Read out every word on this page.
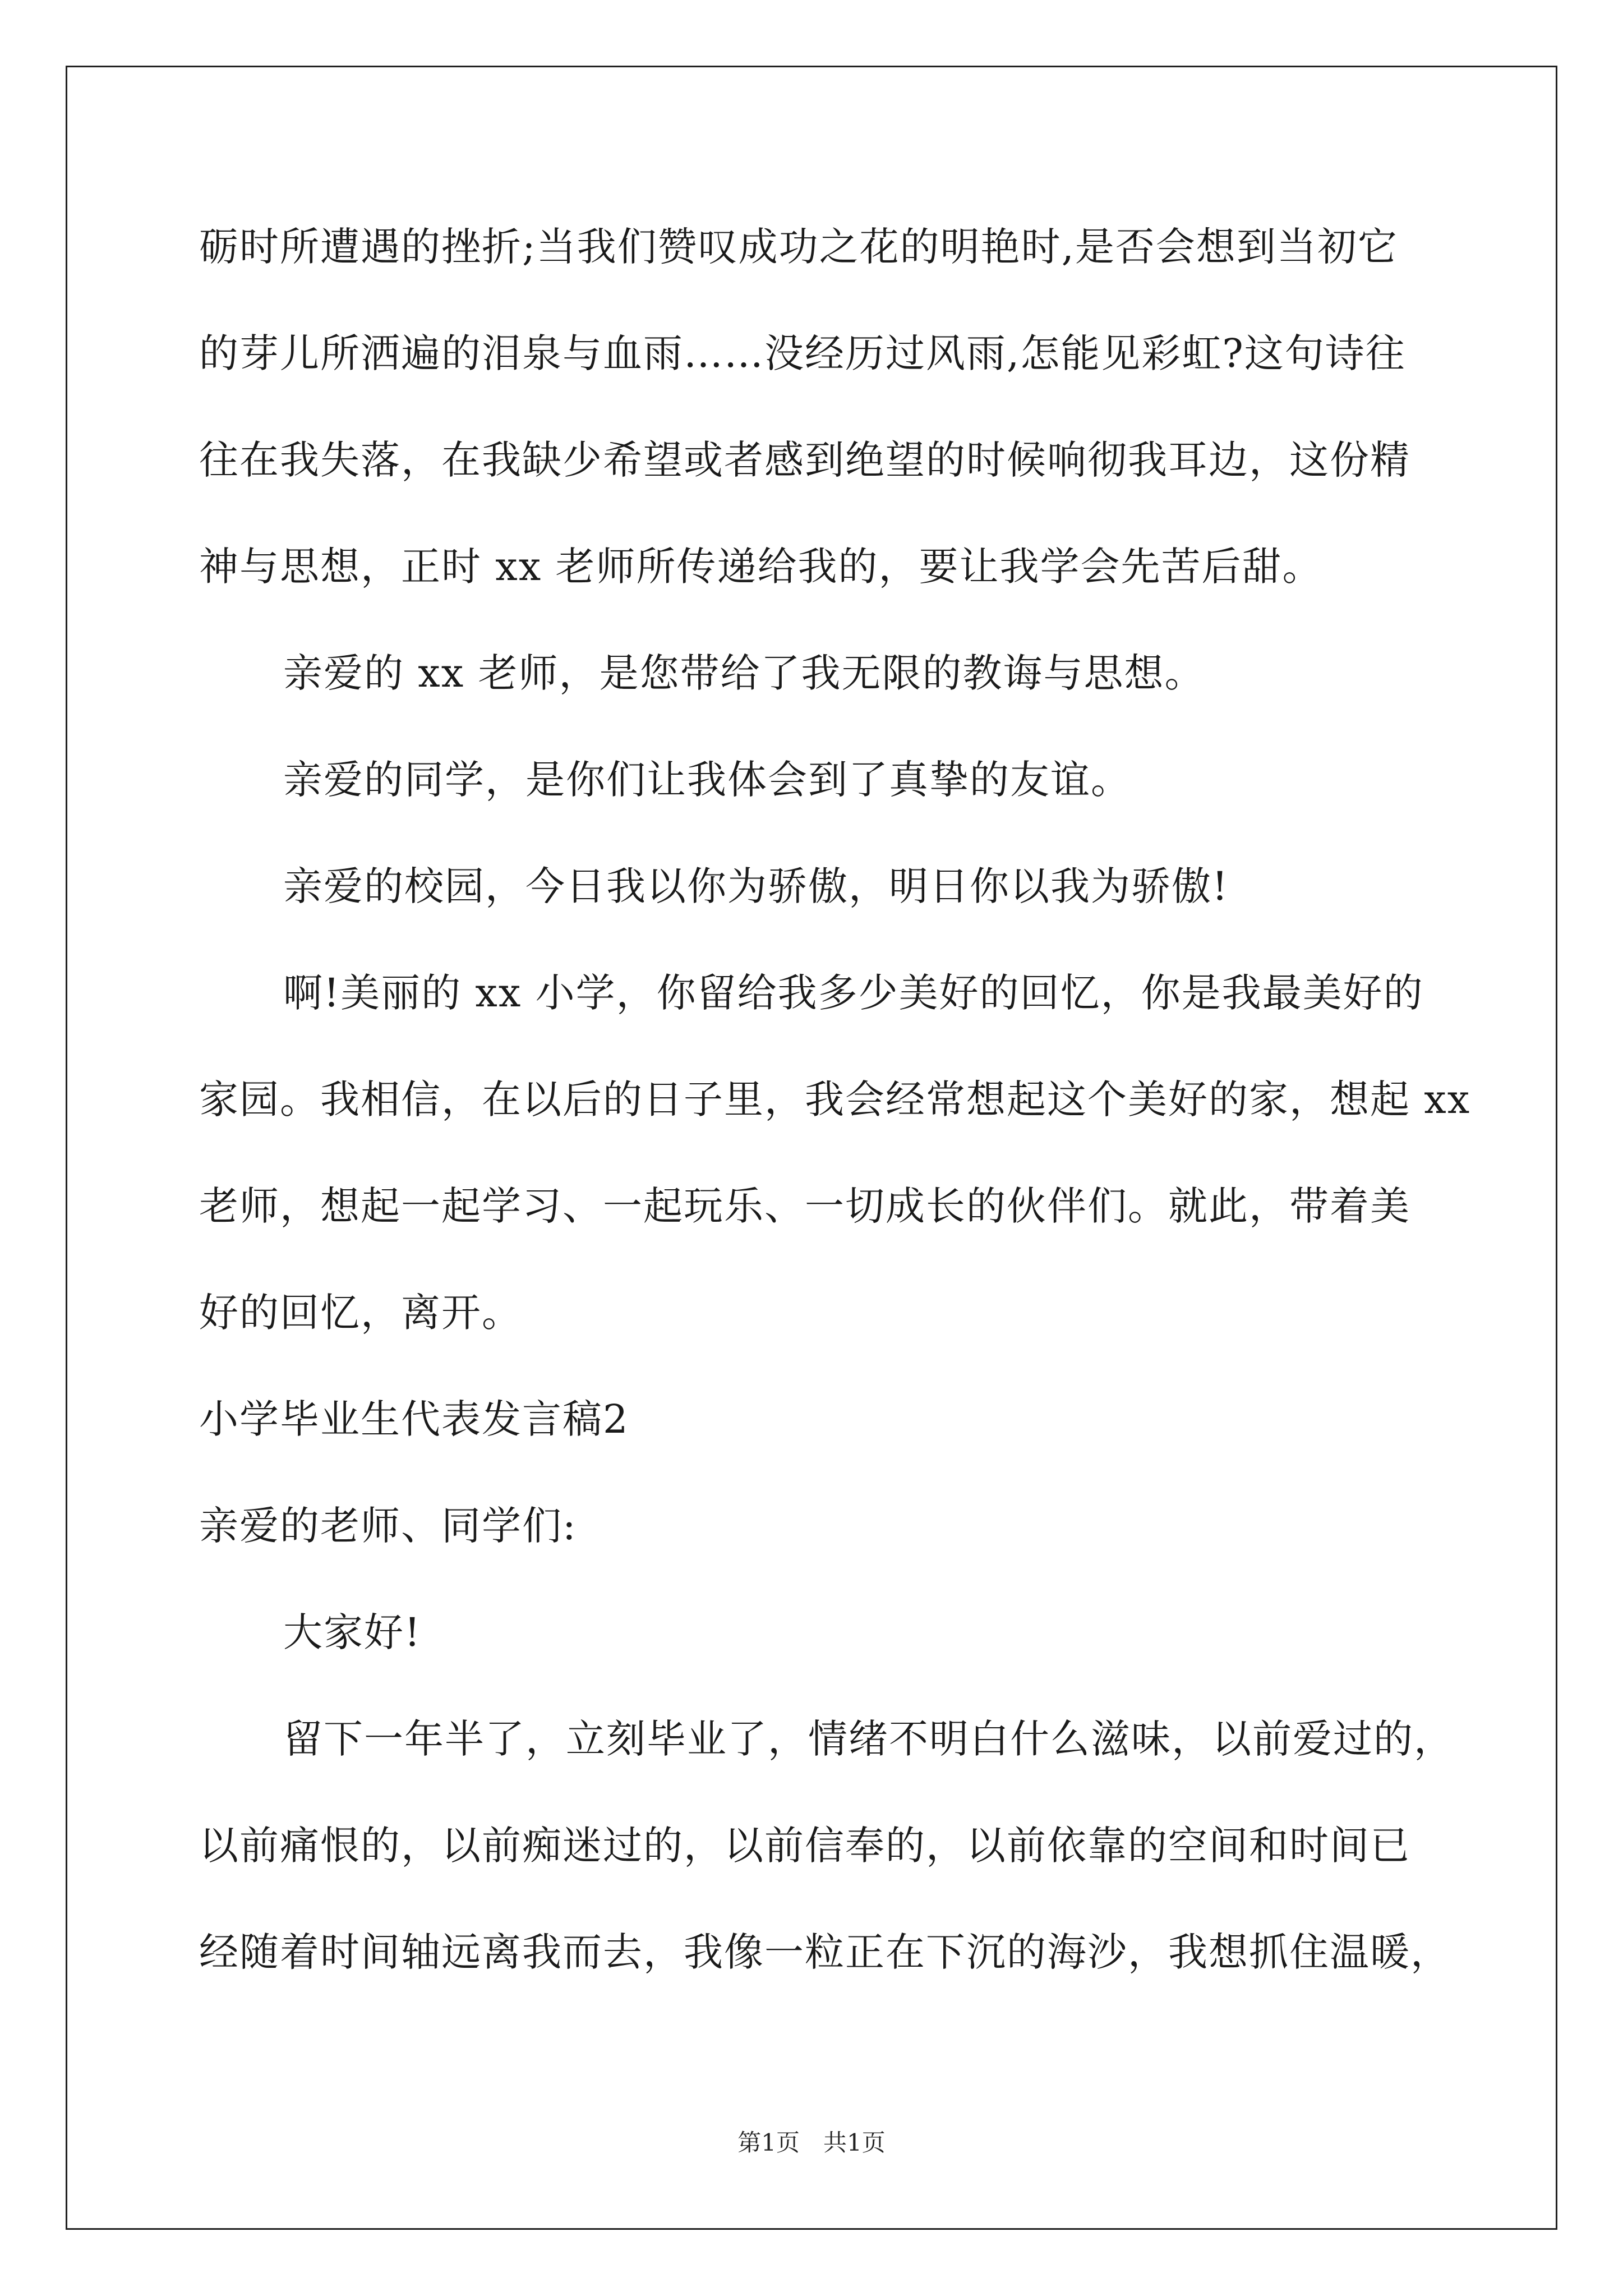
砺时所遭遇的挫折;当我们赞叹成功之花的明艳时,是否会想到当初它
的芽儿所洒遍的泪泉与血雨……没经历过风雨,怎能见彩虹?这句诗往
往在我失落，在我缺少希望或者感到绝望的时候响彻我耳边，这份精
神与思想，正时 xx 老师所传递给我的，要让我学会先苦后甜。
亲爱的 xx 老师，是您带给了我无限的教诲与思想。
亲爱的同学，是你们让我体会到了真挚的友谊。
亲爱的校园，今日我以你为骄傲，明日你以我为骄傲!
啊!美丽的 xx 小学，你留给我多少美好的回忆，你是我最美好的
家园。我相信，在以后的日子里，我会经常想起这个美好的家，想起 xx
老师，想起一起学习、一起玩乐、一切成长的伙伴们。就此，带着美
好的回忆，离开。
小学毕业生代表发言稿2
亲爱的老师、同学们:
大家好!
留下一年半了，立刻毕业了，情绪不明白什么滋味，以前爱过的，
以前痛恨的，以前痴迷过的，以前信奉的，以前依靠的空间和时间已
经随着时间轴远离我而去，我像一粒正在下沉的海沙，我想抓住温暖，
第1页　共1页
